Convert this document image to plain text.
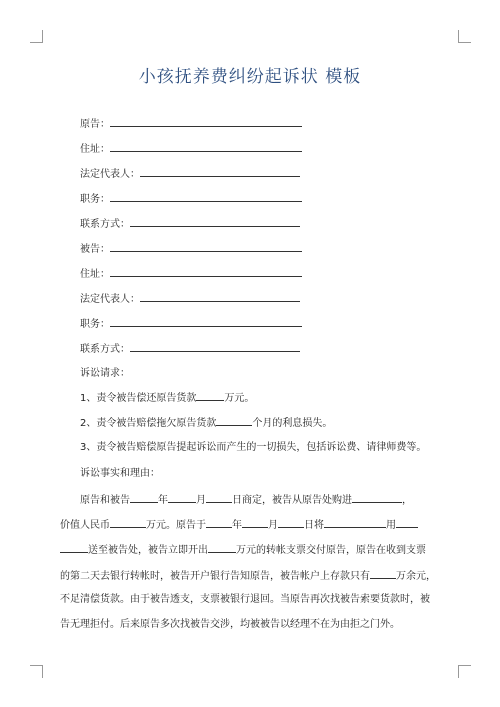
小孩抚养费纠纷起诉状 模板
原告：
住址：
法定代表人：
职务：
联系方式：
被告：
住址：
法定代表人：
职务：
联系方式：
诉讼请求：
1、责令被告偿还原告货款	万元。
2、责令被告赔偿拖欠原告货款	个月的利息损失。
3、责令被告赔偿原告提起诉讼而产生的一切损失，包括诉讼费、请律师费等。
诉讼事实和理由：
原告和被告	年	月	日商定，被告从原告处购进	，
价值人民币	万元。原告于	年	月	日将	用
送至被告处，被告立即开出	万元的转帐支票交付原告，原告在收到支票
的第二天去银行转帐时，被告开户银行告知原告，被告帐户上存款只有	万余元，
不足清偿货款。由于被告透支，支票被银行退回。当原告再次找被告索要货款时，被
告无理拒付。后来原告多次找被告交涉，均被被告以经理不在为由拒之门外。
